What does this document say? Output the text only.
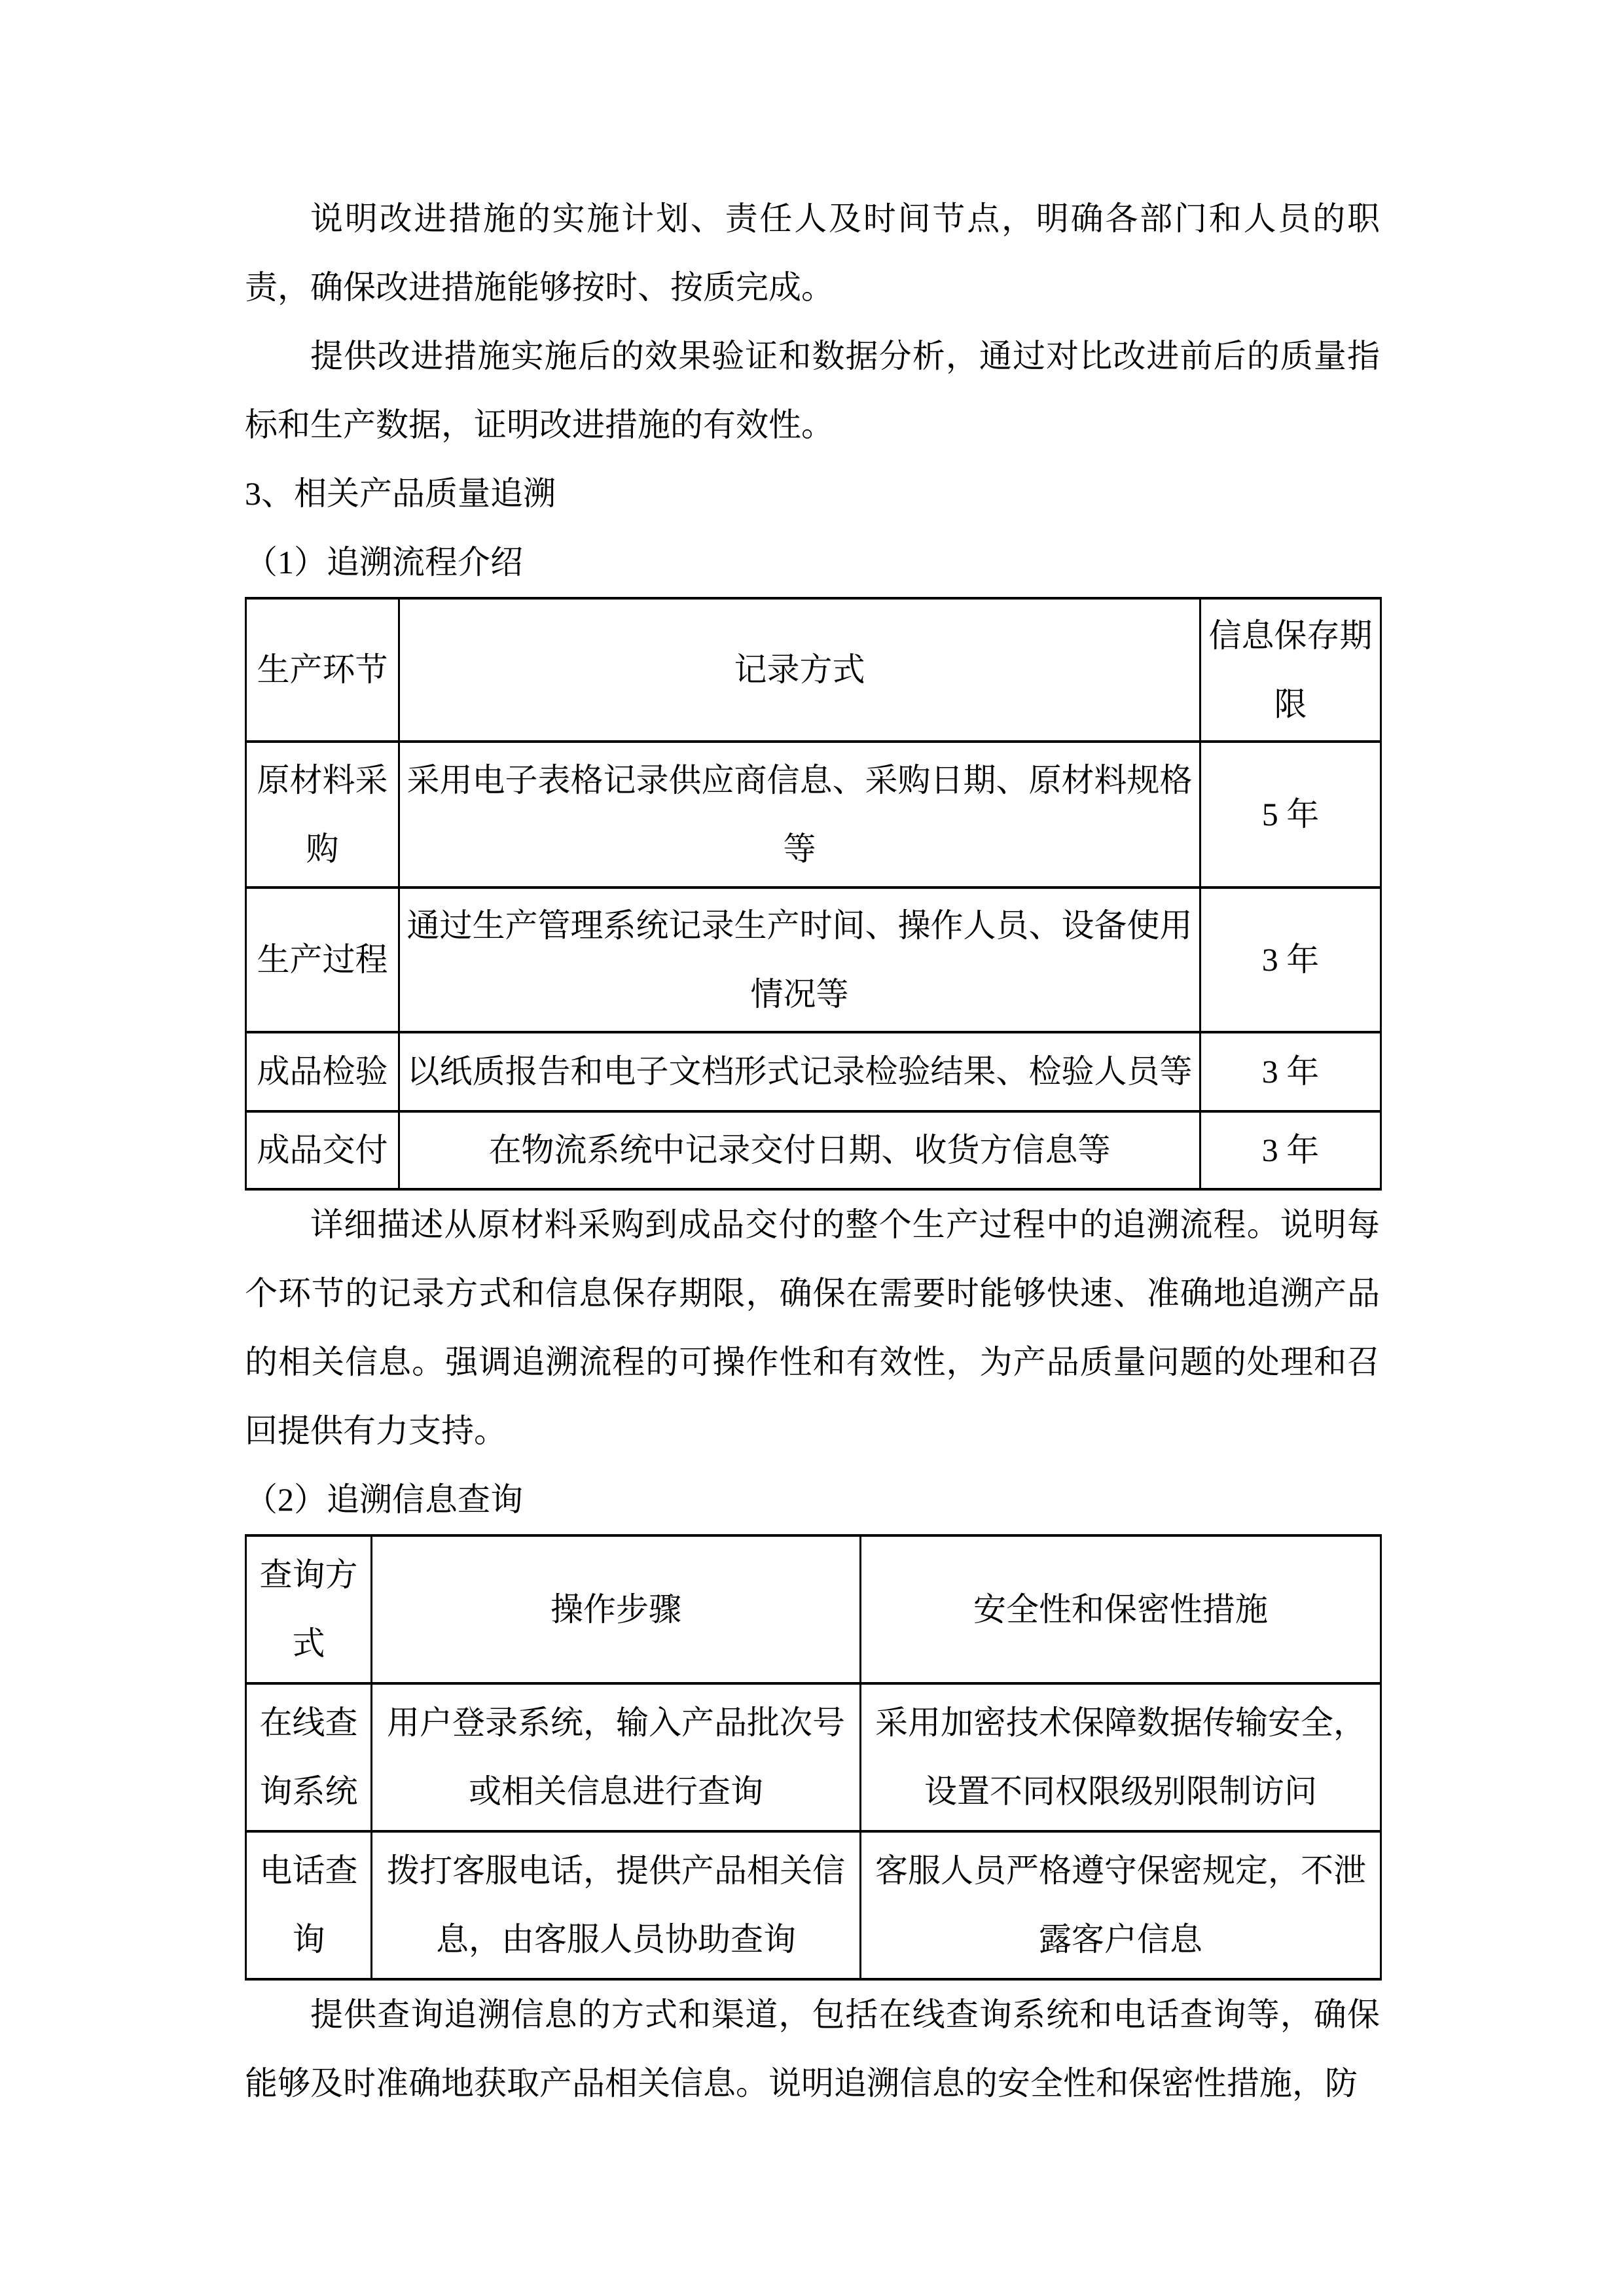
说明改进措施的实施计划、责任人及时间节点，明确各部门和人员的职责，确保改进措施能够按时、按质完成。

提供改进措施实施后的效果验证和数据分析，通过对比改进前后的质量指标和生产数据，证明改进措施的有效性。

3、相关产品质量追溯

（1）追溯流程介绍

生产环节	记录方式	信息保存期限
原材料采购	采用电子表格记录供应商信息、采购日期、原材料规格等	5 年
生产过程	通过生产管理系统记录生产时间、操作人员、设备使用情况等	3 年
成品检验	以纸质报告和电子文档形式记录检验结果、检验人员等	3 年
成品交付	在物流系统中记录交付日期、收货方信息等	3 年

详细描述从原材料采购到成品交付的整个生产过程中的追溯流程。说明每个环节的记录方式和信息保存期限，确保在需要时能够快速、准确地追溯产品的相关信息。强调追溯流程的可操作性和有效性，为产品质量问题的处理和召回提供有力支持。

（2）追溯信息查询

查询方式	操作步骤	安全性和保密性措施
在线查询系统	用户登录系统，输入产品批次号或相关信息进行查询	采用加密技术保障数据传输安全，设置不同权限级别限制访问
电话查询	拨打客服电话，提供产品相关信息，由客服人员协助查询	客服人员严格遵守保密规定，不泄露客户信息

提供查询追溯信息的方式和渠道，包括在线查询系统和电话查询等，确保能够及时准确地获取产品相关信息。说明追溯信息的安全性和保密性措施，防
